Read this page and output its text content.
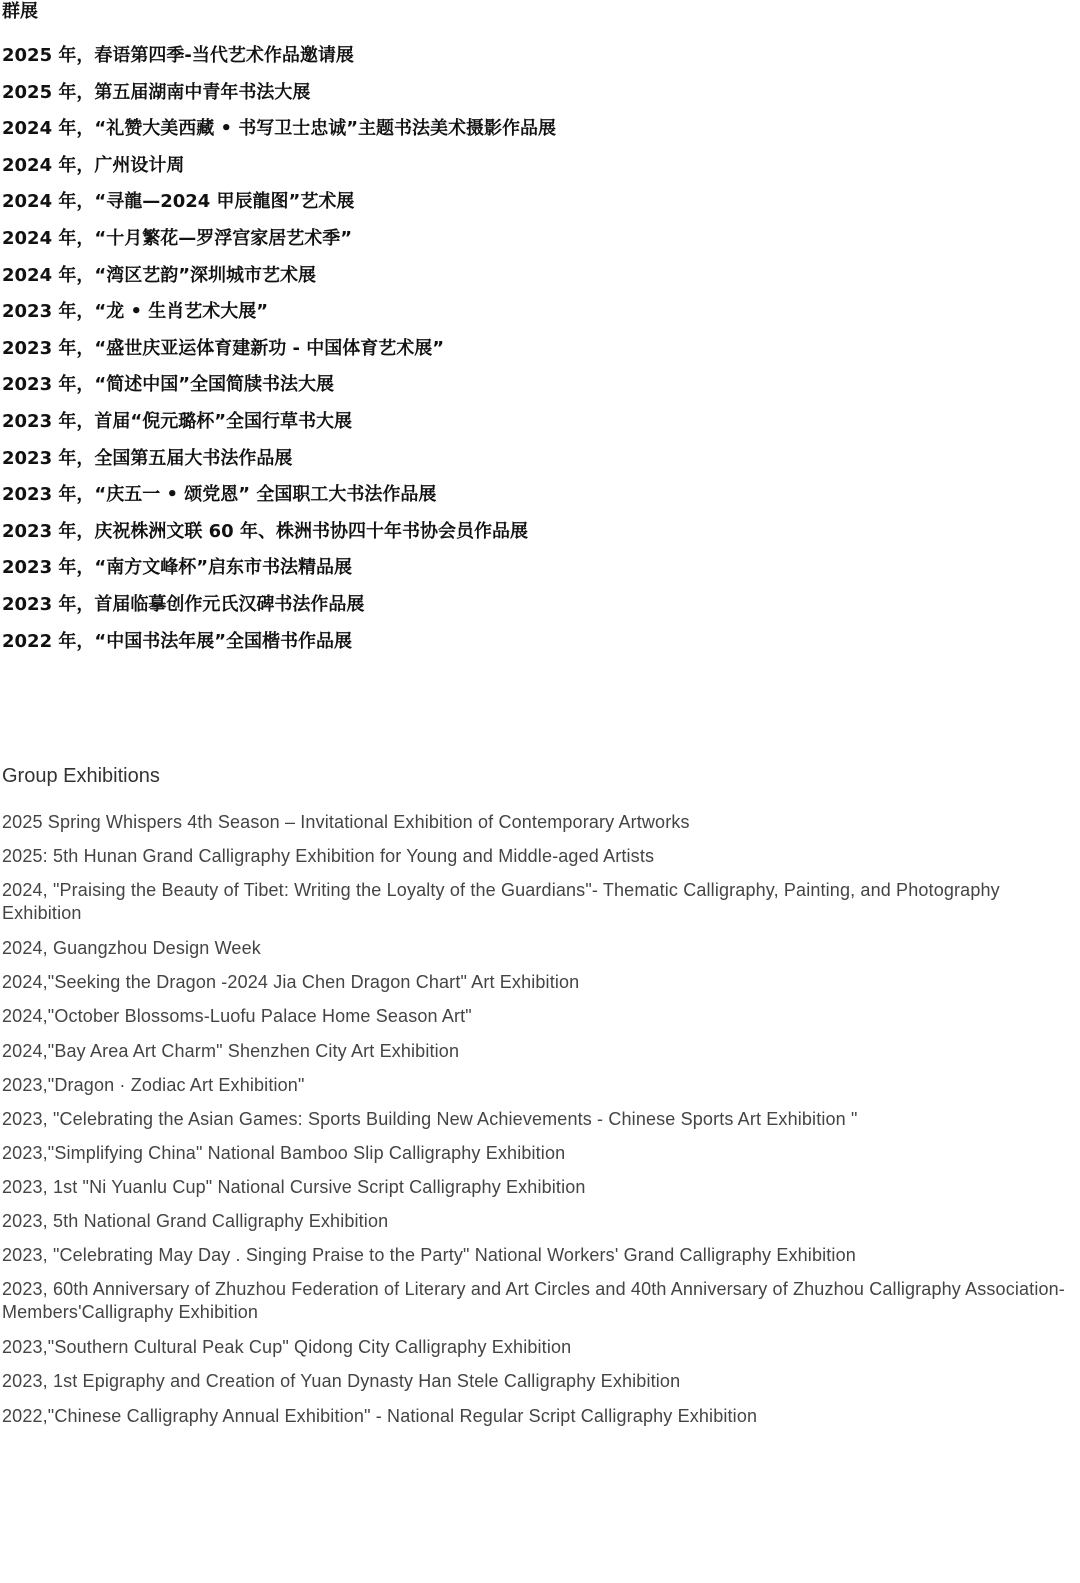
群展
2025 年，春语第四季-当代艺术作品邀请展
2025 年，第五届湖南中青年书法大展
2024 年，“礼赞大美西藏 • 书写卫士忠诚”主题书法美术摄影作品展
2024 年，广州设计周
2024 年，“寻龍—2024 甲辰龍图”艺术展
2024 年，“十月繁花—罗浮宫家居艺术季”
2024 年，“湾区艺韵”深圳城市艺术展
2023 年，“龙 • 生肖艺术大展”
2023 年，“盛世庆亚运体育建新功 - 中国体育艺术展”
2023 年，“简述中国”全国简牍书法大展
2023 年，首届“倪元璐杯”全国行草书大展
2023 年，全国第五届大书法作品展
2023 年，“庆五一 • 颂党恩” 全国职工大书法作品展
2023 年，庆祝株洲文联 60 年、株洲书协四十年书协会员作品展
2023 年，“南方文峰杯”启东市书法精品展
2023 年，首届临摹创作元氏汉碑书法作品展
2022 年，“中国书法年展”全国楷书作品展
Group Exhibitions
2025 Spring Whispers 4th Season – Invitational Exhibition of Contemporary Artworks
2025: 5th Hunan Grand Calligraphy Exhibition for Young and Middle-aged Artists
2024, "Praising the Beauty of Tibet: Writing the Loyalty of the Guardians"- Thematic Calligraphy, Painting, and Photography Exhibition
2024, Guangzhou Design Week
2024,"Seeking the Dragon -2024 Jia Chen Dragon Chart" Art Exhibition
2024,"October Blossoms-Luofu Palace Home Season Art"
2024,"Bay Area Art Charm" Shenzhen City Art Exhibition
2023,"Dragon · Zodiac Art Exhibition"
2023, "Celebrating the Asian Games: Sports Building New Achievements - Chinese Sports Art Exhibition "
2023,"Simplifying China" National Bamboo Slip Calligraphy Exhibition
2023, 1st "Ni Yuanlu Cup" National Cursive Script Calligraphy Exhibition
2023, 5th National Grand Calligraphy Exhibition
2023, "Celebrating May Day . Singing Praise to the Party" National Workers' Grand Calligraphy Exhibition
2023, 60th Anniversary of Zhuzhou Federation of Literary and Art Circles and 40th Anniversary of Zhuzhou Calligraphy Association-Members'Calligraphy Exhibition
2023,"Southern Cultural Peak Cup" Qidong City Calligraphy Exhibition
2023, 1st Epigraphy and Creation of Yuan Dynasty Han Stele Calligraphy Exhibition
2022,"Chinese Calligraphy Annual Exhibition" - National Regular Script Calligraphy Exhibition
